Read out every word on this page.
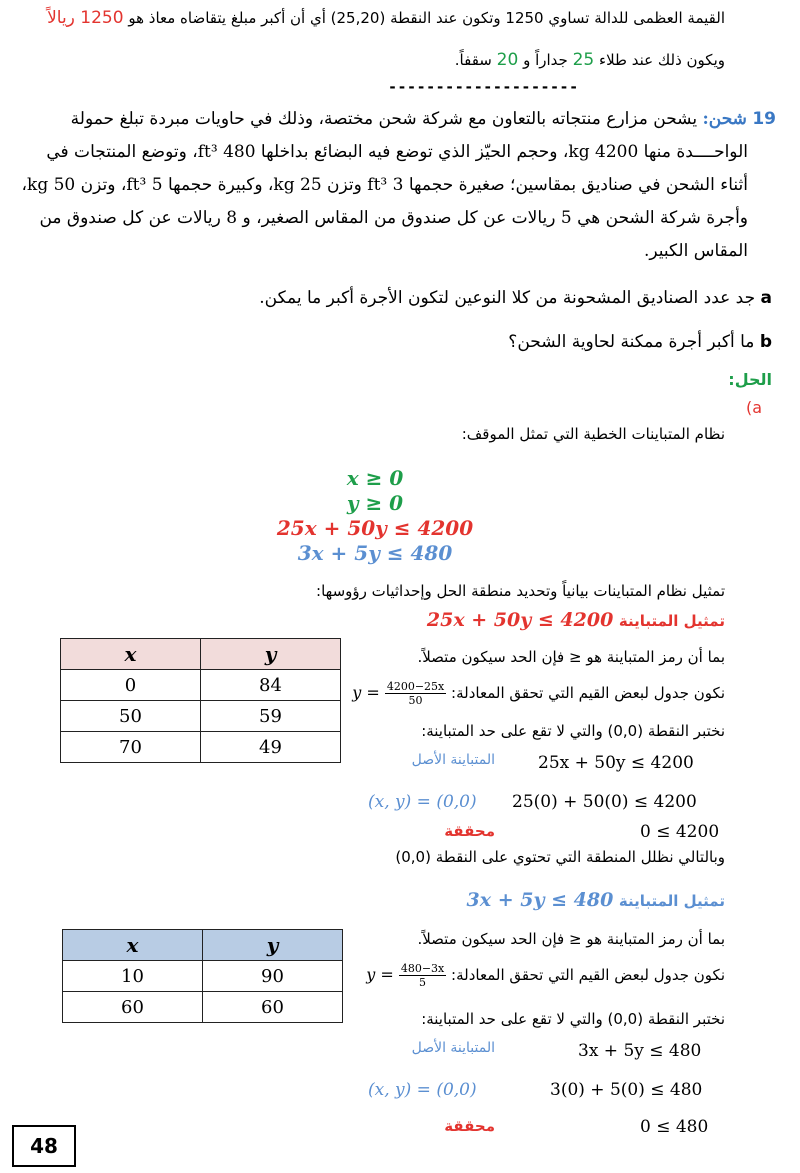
القيمة العظمى للدالة تساوي 1250 وتكون عند النقطة (25,20) أي أن أكبر مبلغ يتقاضاه معاذ هو 1250 ريالاً
ويكون ذلك عند طلاء 25 جداراً و 20 سقفاً.
--------------------
19 شحن: يشحن مزارع منتجاته بالتعاون مع شركة شحن مختصة، وذلك في حاويات مبردة تبلغ حمولة
الواحــــدة منها 4200 kg، وحجم الحيّز الذي توضع فيه البضائع بداخلها 480 ft³، وتوضع المنتجات في
أثناء الشحن في صناديق بمقاسين؛ صغيرة حجمها 3 ft³ وتزن 25 kg، وكبيرة حجمها 5 ft³، وتزن 50 kg،
وأجرة شركة الشحن هي 5 ريالات عن كل صندوق من المقاس الصغير، و 8 ريالات عن كل صندوق من
المقاس الكبير.
a جد عدد الصناديق المشحونة من كلا النوعين لتكون الأجرة أكبر ما يمكن.
b ما أكبر أجرة ممكنة لحاوية الشحن؟
الحل:
(a
نظام المتباينات الخطية التي تمثل الموقف:
x ≥ 0
y ≥ 0
25x + 50y ≤ 4200
3x + 5y ≤ 480
تمثيل نظام المتباينات بيانياً وتحديد منطقة الحل وإحداثيات رؤوسها:
تمثيل المتباينة 25x + 50y ≤ 4200
x	y
0	84
50	59
70	49
بما أن رمز المتباينة هو ≤ فإن الحد سيكون متصلاً.
نكون جدول لبعض القيم التي تحقق المعادلة: $y = \frac{4200-25x}{50}$
نختبر النقطة (0,0) والتي لا تقع على حد المتباينة:
المتباينة الأصل	25x + 50y ≤ 4200
(x, y) = (0,0) 25(0) + 50(0) ≤ 4200
محققة	0 ≤ 4200
وبالتالي نظلل المنطقة التي تحتوي على النقطة (0,0)
تمثيل المتباينة 3x + 5y ≤ 480
x	y
10	90
60	60
بما أن رمز المتباينة هو ≤ فإن الحد سيكون متصلاً.
نكون جدول لبعض القيم التي تحقق المعادلة: $y = \frac{480-3x}{5}$
نختبر النقطة (0,0) والتي لا تقع على حد المتباينة:
المتباينة الأصل	3x + 5y ≤ 480
(x, y) = (0,0)	3(0) + 5(0) ≤ 480
محققة	0 ≤ 480
48
